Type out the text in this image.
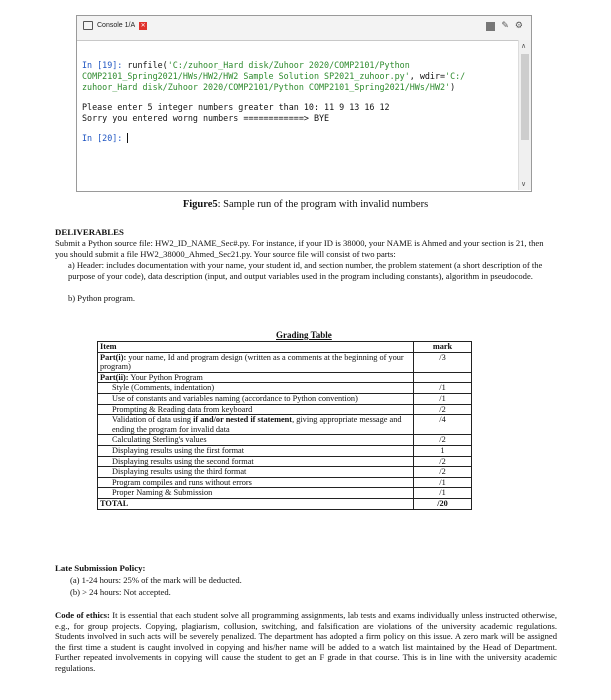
Console 1/A ✕	✎ ⚙
∧
∨
In [19]: runfile('C:/zuhoor_Hard disk/Zuhoor 2020/COMP2101/Python
COMP2101_Spring2021/HWs/HW2/HW2 Sample Solution SP2021_zuhoor.py', wdir='C:/
zuhoor_Hard disk/Zuhoor 2020/COMP2101/Python COMP2101_Spring2021/HWs/HW2')
Please enter 5 integer numbers greater than 10: 11 9 13 16 12
Sorry you entered worng numbers ============> BYE
In [20]:
Figure5: Sample run of the program with invalid numbers
DELIVERABLES
Submit a Python source file: HW2_ID_NAME_Sec#.py. For instance, if your ID is 38000, your NAME is Ahmed and your section is 21, then you should submit a file HW2_38000_Ahmed_Sec21.py. Your source file will consist of two parts:
a) Header: includes documentation with your name, your student id, and section number, the problem statement (a short description of the purpose of your code), data description (input, and output variables used in the program including constants), algorithm in pseudocode.
b) Python program.
Grading Table
Item	mark
Part(i): your name, Id and program design (written as a comments at the beginning of your program)	/3
Part(ii): Your Python Program	
Style (Comments, indentation)	/1
Use of constants and variables naming (accordance to Python convention)	/1
Prompting & Reading data from keyboard	/2
Validation of data using if and/or nested if statement, giving appropriate message and ending the program for invalid data	/4
Calculating Sterling's values	/2
Displaying results using the first format	1
Displaying results using the second format	/2
Displaying results using the third format	/2
Program compiles and runs without errors	/1
Proper Naming & Submission	/1
TOTAL	/20
Late Submission Policy:
(a) 1-24 hours: 25% of the mark will be deducted.
(b) > 24 hours: Not accepted.
Code of ethics: It is essential that each student solve all programming assignments, lab tests and exams individually unless instructed otherwise, e.g., for group projects. Copying, plagiarism, collusion, switching, and falsification are violations of the university academic regulations. Students involved in such acts will be severely penalized. The department has adopted a firm policy on this issue. A zero mark will be assigned the first time a student is caught involved in copying and his/her name will be added to a watch list maintained by the Head of Department. Further repeated involvements in copying will cause the student to get an F grade in that course. This is in line with the university academic regulations.
